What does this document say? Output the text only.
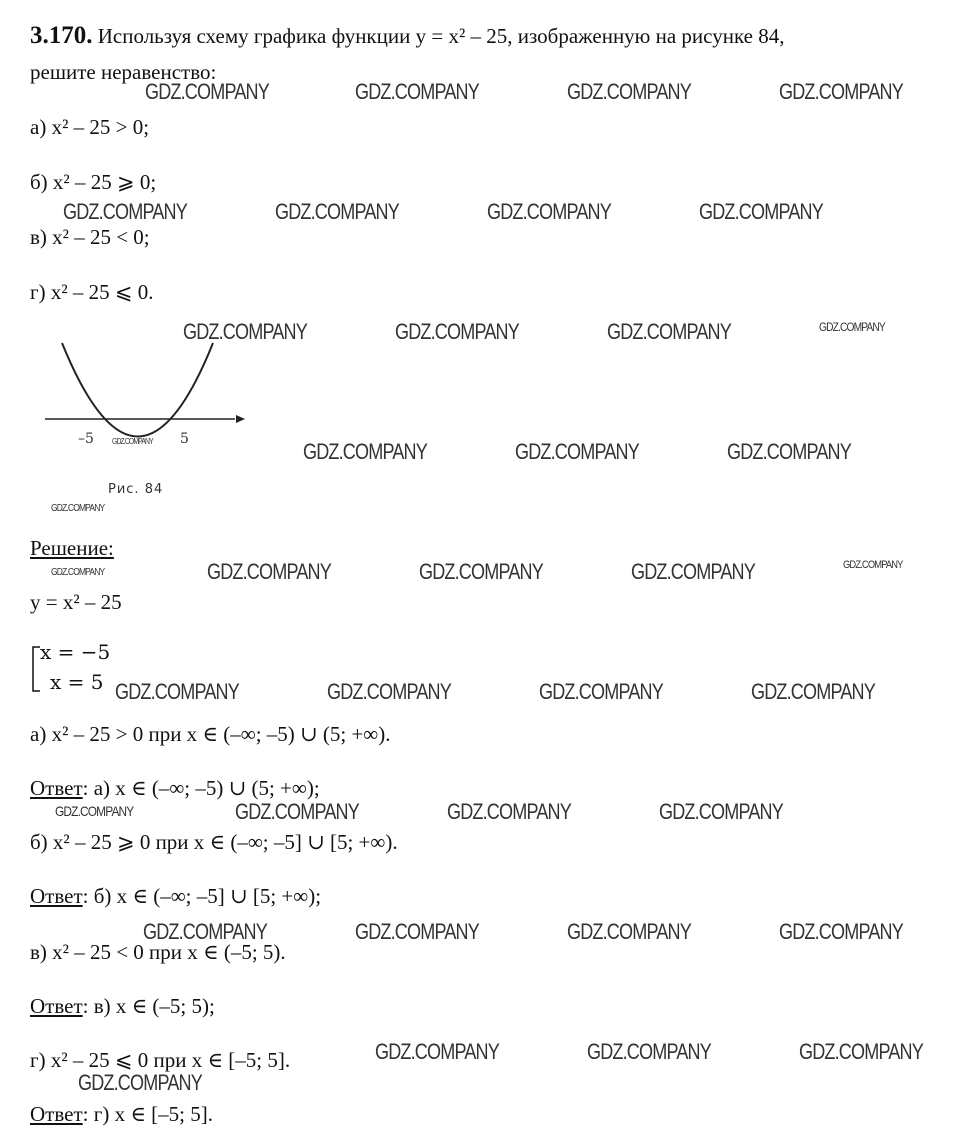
3.170. Используя схему графика функции y = x² – 25, изображенную на рисунке 84,
решите неравенство:
а) x² – 25 > 0;
б) x² – 25 ⩾ 0;
в) x² – 25 < 0;
г) x² – 25 ⩽ 0.
–5	5
Рис. 84
Решение:
y = x² – 25
x = −5
x = 5
а) x² – 25 > 0 при x ∈ (–∞; –5) ∪ (5; +∞).
Ответ: а) x ∈ (–∞; –5) ∪ (5; +∞);
б) x² – 25 ⩾ 0 при x ∈ (–∞; –5] ∪ [5; +∞).
Ответ: б) x ∈ (–∞; –5] ∪ [5; +∞);
в) x² – 25 < 0 при x ∈ (–5; 5).
Ответ: в) x ∈ (–5; 5);
г) x² – 25 ⩽ 0 при x ∈ [–5; 5].
Ответ: г) x ∈ [–5; 5].
GDZ.COMPANY	GDZ.COMPANY	GDZ.COMPANY	GDZ.COMPANY
GDZ.COMPANY	GDZ.COMPANY	GDZ.COMPANY	GDZ.COMPANY
GDZ.COMPANY	GDZ.COMPANY	GDZ.COMPANY	GDZ.COMPANY
GDZ.COMPANY	GDZ.COMPANY	GDZ.COMPANY	GDZ.COMPANY
GDZ.COMPANY
GDZ.COMPANY	GDZ.COMPANY	GDZ.COMPANY	GDZ.COMPANY	GDZ.COMPANY
GDZ.COMPANY	GDZ.COMPANY	GDZ.COMPANY	GDZ.COMPANY
GDZ.COMPANY	GDZ.COMPANY	GDZ.COMPANY	GDZ.COMPANY
GDZ.COMPANY	GDZ.COMPANY	GDZ.COMPANY	GDZ.COMPANY
GDZ.COMPANY	GDZ.COMPANY	GDZ.COMPANY
GDZ.COMPANY
